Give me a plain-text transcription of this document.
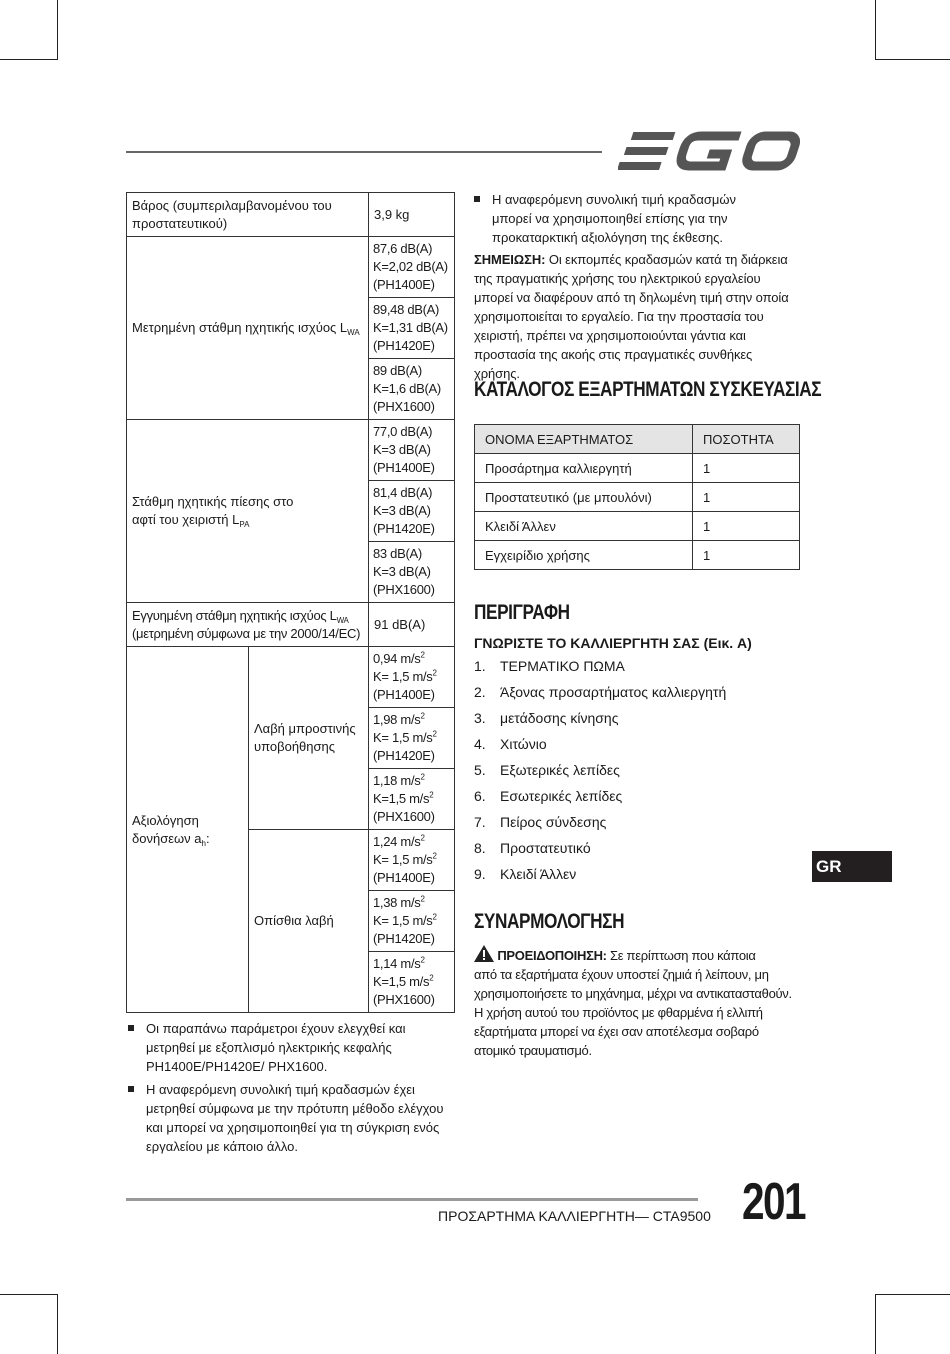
Βάρος (συμπεριλαμβανομένου του προστατευτικού)		3,9 kg
Μετρημένη στάθμη ηχητικής ισχύος $L_{WA}$		87,6 dB(A)
K=2,02 dB(A)
(PH1400E)
		89,48 dB(A)
K=1,31 dB(A)
(PH1420E)
		89 dB(A)
K=1,6 dB(A)
(PHX1600)
Στάθμη ηχητικής πίεσης στο
αφτί του χειριστή $L_{PA}$		77,0 dB(A)
K=3 dB(A)
(PH1400E)
		81,4 dB(A)
K=3 dB(A)
(PH1420E)
		83 dB(A)
K=3 dB(A)
(PHX1600)
Εγγυημένη στάθμη ηχητικής ισχύος $L_{WA}$
(μετρημένη σύμφωνα με την 2000/14/EC)		91 dB(A)
Αξιολόγηση
δονήσεων $a_h$:	Λαβή μπροστινής υποβοήθησης	0,94 $m/s^2$
K= 1,5 $m/s^2$
(PH1400E)
		1,98 $m/s^2$
K= 1,5 $m/s^2$
(PH1420E)
		1,18 $m/s^2$
K=1,5 $m/s^2$
(PHX1600)
	Οπίσθια λαβή	1,24 $m/s^2$
K= 1,5 $m/s^2$
(PH1400E)
		1,38 $m/s^2$
K= 1,5 $m/s^2$
(PH1420E)
		1,14 $m/s^2$
K=1,5 $m/s^2$
(PHX1600)
Οι παραπάνω παράμετροι έχουν ελεγχθεί και μετρηθεί με εξοπλισμό ηλεκτρικής κεφαλής PH1400E/PH1420E/ PHX1600.
Η αναφερόμενη συνολική τιμή κραδασμών έχει μετρηθεί σύμφωνα με την πρότυπη μέθοδο ελέγχου και μπορεί να χρησιμοποιηθεί για τη σύγκριση ενός εργαλείου με κάποιο άλλο.
Η αναφερόμενη συνολική τιμή κραδασμών μπορεί να χρησιμοποιηθεί επίσης για την προκαταρκτική αξιολόγηση της έκθεσης.
ΣΗΜΕΙΩΣΗ: Οι εκπομπές κραδασμών κατά τη διάρκεια της πραγματικής χρήσης του ηλεκτρικού εργαλείου μπορεί να διαφέρουν από τη δηλωμένη τιμή στην οποία χρησιμοποιείται το εργαλείο. Για την προστασία του χειριστή, πρέπει να χρησιμοποιούνται γάντια και προστασία της ακοής στις πραγματικές συνθήκες χρήσης.
ΚΑΤΑΛΟΓΟΣ ΕΞΑΡΤΗΜΑΤΩΝ ΣΥΣΚΕΥΑΣΙΑΣ
ΟΝΟΜΑ ΕΞΑΡΤΗΜΑΤΟΣ	ΠΟΣΟΤΗΤΑ
Προσάρτημα καλλιεργητή	1
Προστατευτικό (με μπουλόνι)	1
Κλειδί Άλλεν	1
Εγχειρίδιο χρήσης	1
ΠΕΡΙΓΡΑΦΗ
ΓΝΩΡΙΣΤΕ ΤΟ ΚΑΛΛΙΕΡΓΗΤΗ ΣΑΣ (Εικ. A)
1.	ΤΕΡΜΑΤΙΚΟ ΠΩΜΑ
2.	Άξονας προσαρτήματος καλλιεργητή
3.	μετάδοσης κίνησης
4.	Χιτώνιο
5.	Εξωτερικές λεπίδες
6.	Εσωτερικές λεπίδες
7.	Πείρος σύνδεσης
8.	Προστατευτικό
9.	Κλειδί Άλλεν
ΣΥΝΑΡΜΟΛΟΓΗΣΗ
ΠΡΟΕΙΔΟΠΟΙΗΣΗ: Σε περίπτωση που κάποια
από τα εξαρτήματα έχουν υποστεί ζημιά ή λείπουν, μη χρησιμοποιήσετε το μηχάνημα, μέχρι να αντικατασταθούν. Η χρήση αυτού του προϊόντος με φθαρμένα ή ελλιπή εξαρτήματα μπορεί να έχει σαν αποτέλεσμα σοβαρό ατομικό τραυματισμό.
GR
ΠΡΟΣΑΡΤΗΜΑ ΚΑΛΛΙΕΡΓΗΤΗ— CTA9500 201
